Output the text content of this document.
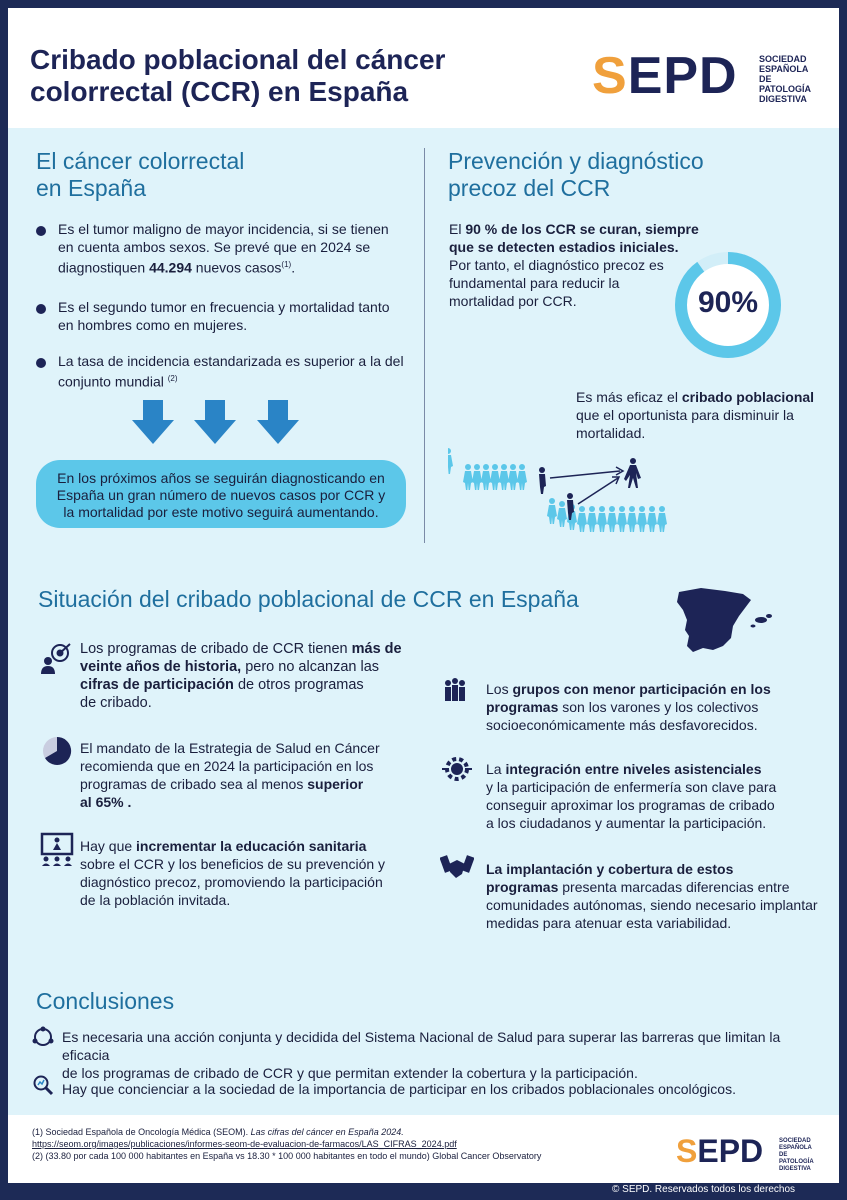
Cribado poblacional del cáncer
colorrectal (CCR) en España	SEPD SOCIEDAD
ESPAÑOLA
DE PATOLOGÍA
DIGESTIVA
El cáncer colorrectal
en España
Es el tumor maligno de mayor incidencia, si se tienen
en cuenta ambos sexos. Se prevé que en 2024 se
diagnostiquen 44.294 nuevos casos$^{(1)}$.
Es el segundo tumor en frecuencia y mortalidad tanto
en hombres como en mujeres.
La tasa de incidencia estandarizada es superior a la del
conjunto mundial $^{(2)}$
En los próximos años se seguirán diagnosticando en
España un gran número de nuevos casos por CCR y
la mortalidad por este motivo seguirá aumentando.
Prevención y diagnóstico
precoz del CCR
El 90 % de los CCR se curan, siempre
que se detecten estadios iniciales.
Por tanto, el diagnóstico precoz es
fundamental para reducir la
mortalidad por CCR.	90%
Es más eficaz el cribado poblacional
que el oportunista para disminuir la
mortalidad.
Situación del cribado poblacional de CCR en España
Los programas de cribado de CCR tienen más de
veinte años de historia, pero no alcanzan las
cifras de participación de otros programas
de cribado.
El mandato de la Estrategia de Salud en Cáncer
recomienda que en 2024 la participación en los
programas de cribado sea al menos superior
al 65% .
Hay que incrementar la educación sanitaria
sobre el CCR y los beneficios de su prevención y
diagnóstico precoz, promoviendo la participación
de la población invitada.
Los grupos con menor participación en los
programas son los varones y los colectivos
socioeconómicamente más desfavorecidos.
La integración entre niveles asistenciales
y la participación de enfermería son clave para
conseguir aproximar los programas de cribado
a los ciudadanos y aumentar la participación.
La implantación y cobertura de estos
programas presenta marcadas diferencias entre
comunidades autónomas, siendo necesario implantar
medidas para atenuar esta variabilidad.
Conclusiones
Es necesaria una acción conjunta y decidida del Sistema Nacional de Salud para superar las barreras que limitan la eficacia
de los programas de cribado de CCR y que permitan extender la cobertura y la participación.
Hay que concienciar a la sociedad de la importancia de participar en los cribados poblacionales oncológicos.
(1) Sociedad Española de Oncología Médica (SEOM). Las cifras del cáncer en España 2024.
https://seom.org/images/publicaciones/informes-seom-de-evaluacion-de-farmacos/LAS_CIFRAS_2024.pdf
(2) (33.80 por cada 100 000 habitantes en España vs 18.30 * 100 000 habitantes en todo el mundo) Global Cancer Observatory	SEPD	SOCIEDAD
ESPAÑOLA
DE PATOLOGÍA
DIGESTIVA
© SEPD. Reservados todos los derechos
